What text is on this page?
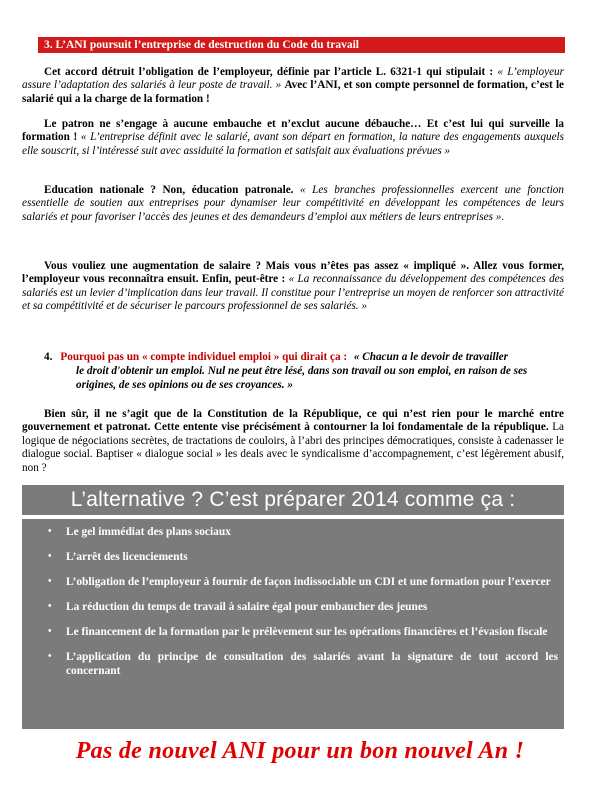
3. L’ANI poursuit l’entreprise de destruction du Code du travail
Cet accord détruit l’obligation de l’employeur, définie par l’article L. 6321-1 qui stipulait : « L’employeur assure l’adaptation des salariés à leur poste de travail. » Avec l’ANI, et son compte personnel de formation, c’est le salarié qui a la charge de la formation !
Le patron ne s’engage à aucune embauche et n’exclut aucune débauche… Et c’est lui qui surveille la formation ! « L’entreprise définit avec le salarié, avant son départ en formation, la nature des engagements auxquels elle souscrit, si l’intéressé suit avec assiduité la formation et satisfait aux évaluations prévues »
Education nationale ? Non, éducation patronale. « Les branches professionnelles exercent une fonction essentielle de soutien aux entreprises pour dynamiser leur compétitivité en développant les compétences de leurs salariés et pour favoriser l’accès des jeunes et des demandeurs d’emploi aux métiers de leurs entreprises ».
Vous vouliez une augmentation de salaire ? Mais vous n’êtes pas assez « impliqué ». Allez vous former, l’employeur vous reconnaîtra ensuit. Enfin, peut-être : « La reconnaissance du développement des compétences des salariés est un levier d’implication dans leur travail. Il constitue pour l’entreprise un moyen de renforcer son attractivité et sa compétitivité et de sécuriser le parcours professionnel de ses salariés. »
4. Pourquoi pas un « compte individuel emploi » qui dirait ça : « Chacun a le devoir de travailler
le droit d'obtenir un emploi. Nul ne peut être lésé, dans son travail ou son emploi, en raison de ses origines, de ses opinions ou de ses croyances. »
Bien sûr, il ne s’agit que de la Constitution de la République, ce qui n’est rien pour le marché entre gouvernement et patronat. Cette entente vise précisément à contourner la loi fondamentale de la république. La logique de négociations secrètes, de tractations de couloirs, à l’abri des principes démocratiques, consiste à cadenasser le dialogue social. Baptiser « dialogue social » les deals avec le syndicalisme d’accompagnement, c’est légèrement abusif, non ?
L’alternative ? C’est préparer 2014 comme ça :
• Le gel immédiat des plans sociaux
• L’arrêt des licenciements
• L’obligation de l’employeur à fournir de façon indissociable un CDI et une formation pour l’exercer
• La réduction du temps de travail à salaire égal pour embaucher des jeunes
• Le financement de la formation par le prélèvement sur les opérations financières et l’évasion fiscale
• L’application du principe de consultation des salariés avant la signature de tout accord les concernant
Pas de nouvel ANI pour un bon nouvel An !
